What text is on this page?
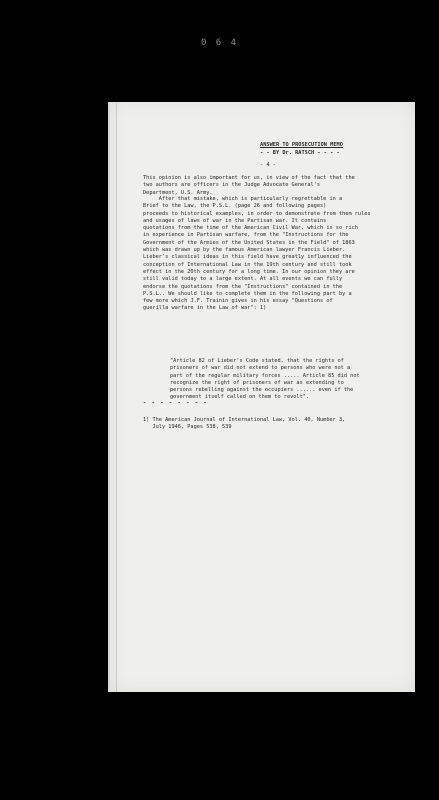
0 6 4
ANSWER TO PROSECUTION MEMO
- - BY Dr. RATSCH - - - -
- 4 -
This opinion is also important for us, in view of the fact that the
two authors are officers in the Judge Advocate General's
Department, U.S. Army.
After that mistake, which is particularly regrettable in a
Brief to the Law, the P.S.L. (page 26 and following pages)
proceeds to historical examples, in order to demonstrate from them rules
and usages of laws of war in the Partisan war. It contains
quotations from the time of the American Civil War, which is so rich
in experience in Partisan warfare, from the "Instructions for the
Government of the Armies of the United States in the Field" of 1863
which was drawn up by the famous American lawyer Francis Lieber.
Lieber's classical ideas in this field have greatly influenced the
conception of International Law in the 19th century and still took
effect in the 20th century for a long time. In our opinion they are
still valid today to a large extent. At all events we can fully
endorse the quotations from the "Instructions" contained in the
P.S.L.. We should like to complete them in the following part by a
few more which J.F. Trainin gives in his essay "Questions of
guerilla warfare in the Law of war": 1)
"Article 82 of Lieber's Code stated, that the rights of
prisoners of war did not extend to persons who were not a
part of the regular military forces ..... Article 85 did not
recognize the right of prisoners of war as extending to
persons rebelling against the occupiers ...... even if the
government itself called on them to revolt".
- - - - - - - -
1) The American Journal of International Law, Vol. 40, Number 3,
July 1946, Pages 538, 539
